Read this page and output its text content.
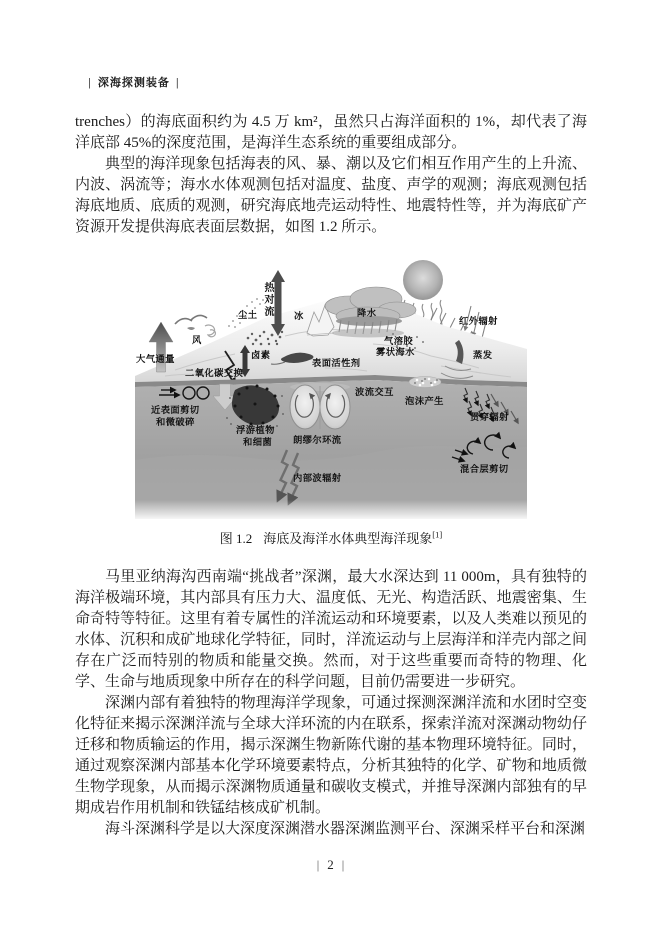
| 深海探测装备 |

trenches）的海底面积约为 4.5 万 km²，虽然只占海洋面积的 1%，却代表了海洋底部 45%的深度范围，是海洋生态系统的重要组成部分。

典型的海洋现象包括海表的风、暴、潮以及它们相互作用产生的上升流、内波、涡流等；海水水体观测包括对温度、盐度、声学的观测；海底观测包括海底地质、底质的观测，研究海底地壳运动特性、地震特性等，并为海底矿产资源开发提供海底表面层数据，如图 1.2 所示。

大气通量
风
尘土	冰	降水
红外辐射
气溶胶
雾状海水	蒸发
表面活性剂
卤素
二氧化碳交换
近表面剪切
和微破碎
浮游植物
和细菌 朗缪尔环流
波流交互
泡沫产生
贯穿辐射
混合层剪切
内部波辐射
热对流
图 1.2 海底及海洋水体典型海洋现象[1]

马里亚纳海沟西南端“挑战者”深渊，最大水深达到 11 000m，具有独特的海洋极端环境，其内部具有压力大、温度低、无光、构造活跃、地震密集、生命奇特等特征。这里有着专属性的洋流运动和环境要素，以及人类难以预见的水体、沉积和成矿地球化学特征，同时，洋流运动与上层海洋和洋壳内部之间存在广泛而特别的物质和能量交换。然而，对于这些重要而奇特的物理、化学、生命与地质现象中所存在的科学问题，目前仍需要进一步研究。

深渊内部有着独特的物理海洋学现象，可通过探测深渊洋流和水团时空变化特征来揭示深渊洋流与全球大洋环流的内在联系，探索洋流对深渊动物幼仔迁移和物质输运的作用，揭示深渊生物新陈代谢的基本物理环境特征。同时，通过观察深渊内部基本化学环境要素特点，分析其独特的化学、矿物和地质微生物学现象，从而揭示深渊物质通量和碳收支模式，并推导深渊内部独有的早期成岩作用机制和铁锰结核成矿机制。

海斗深渊科学是以大深度深渊潜水器深渊监测平台、深渊采样平台和深渊

| 2 |
